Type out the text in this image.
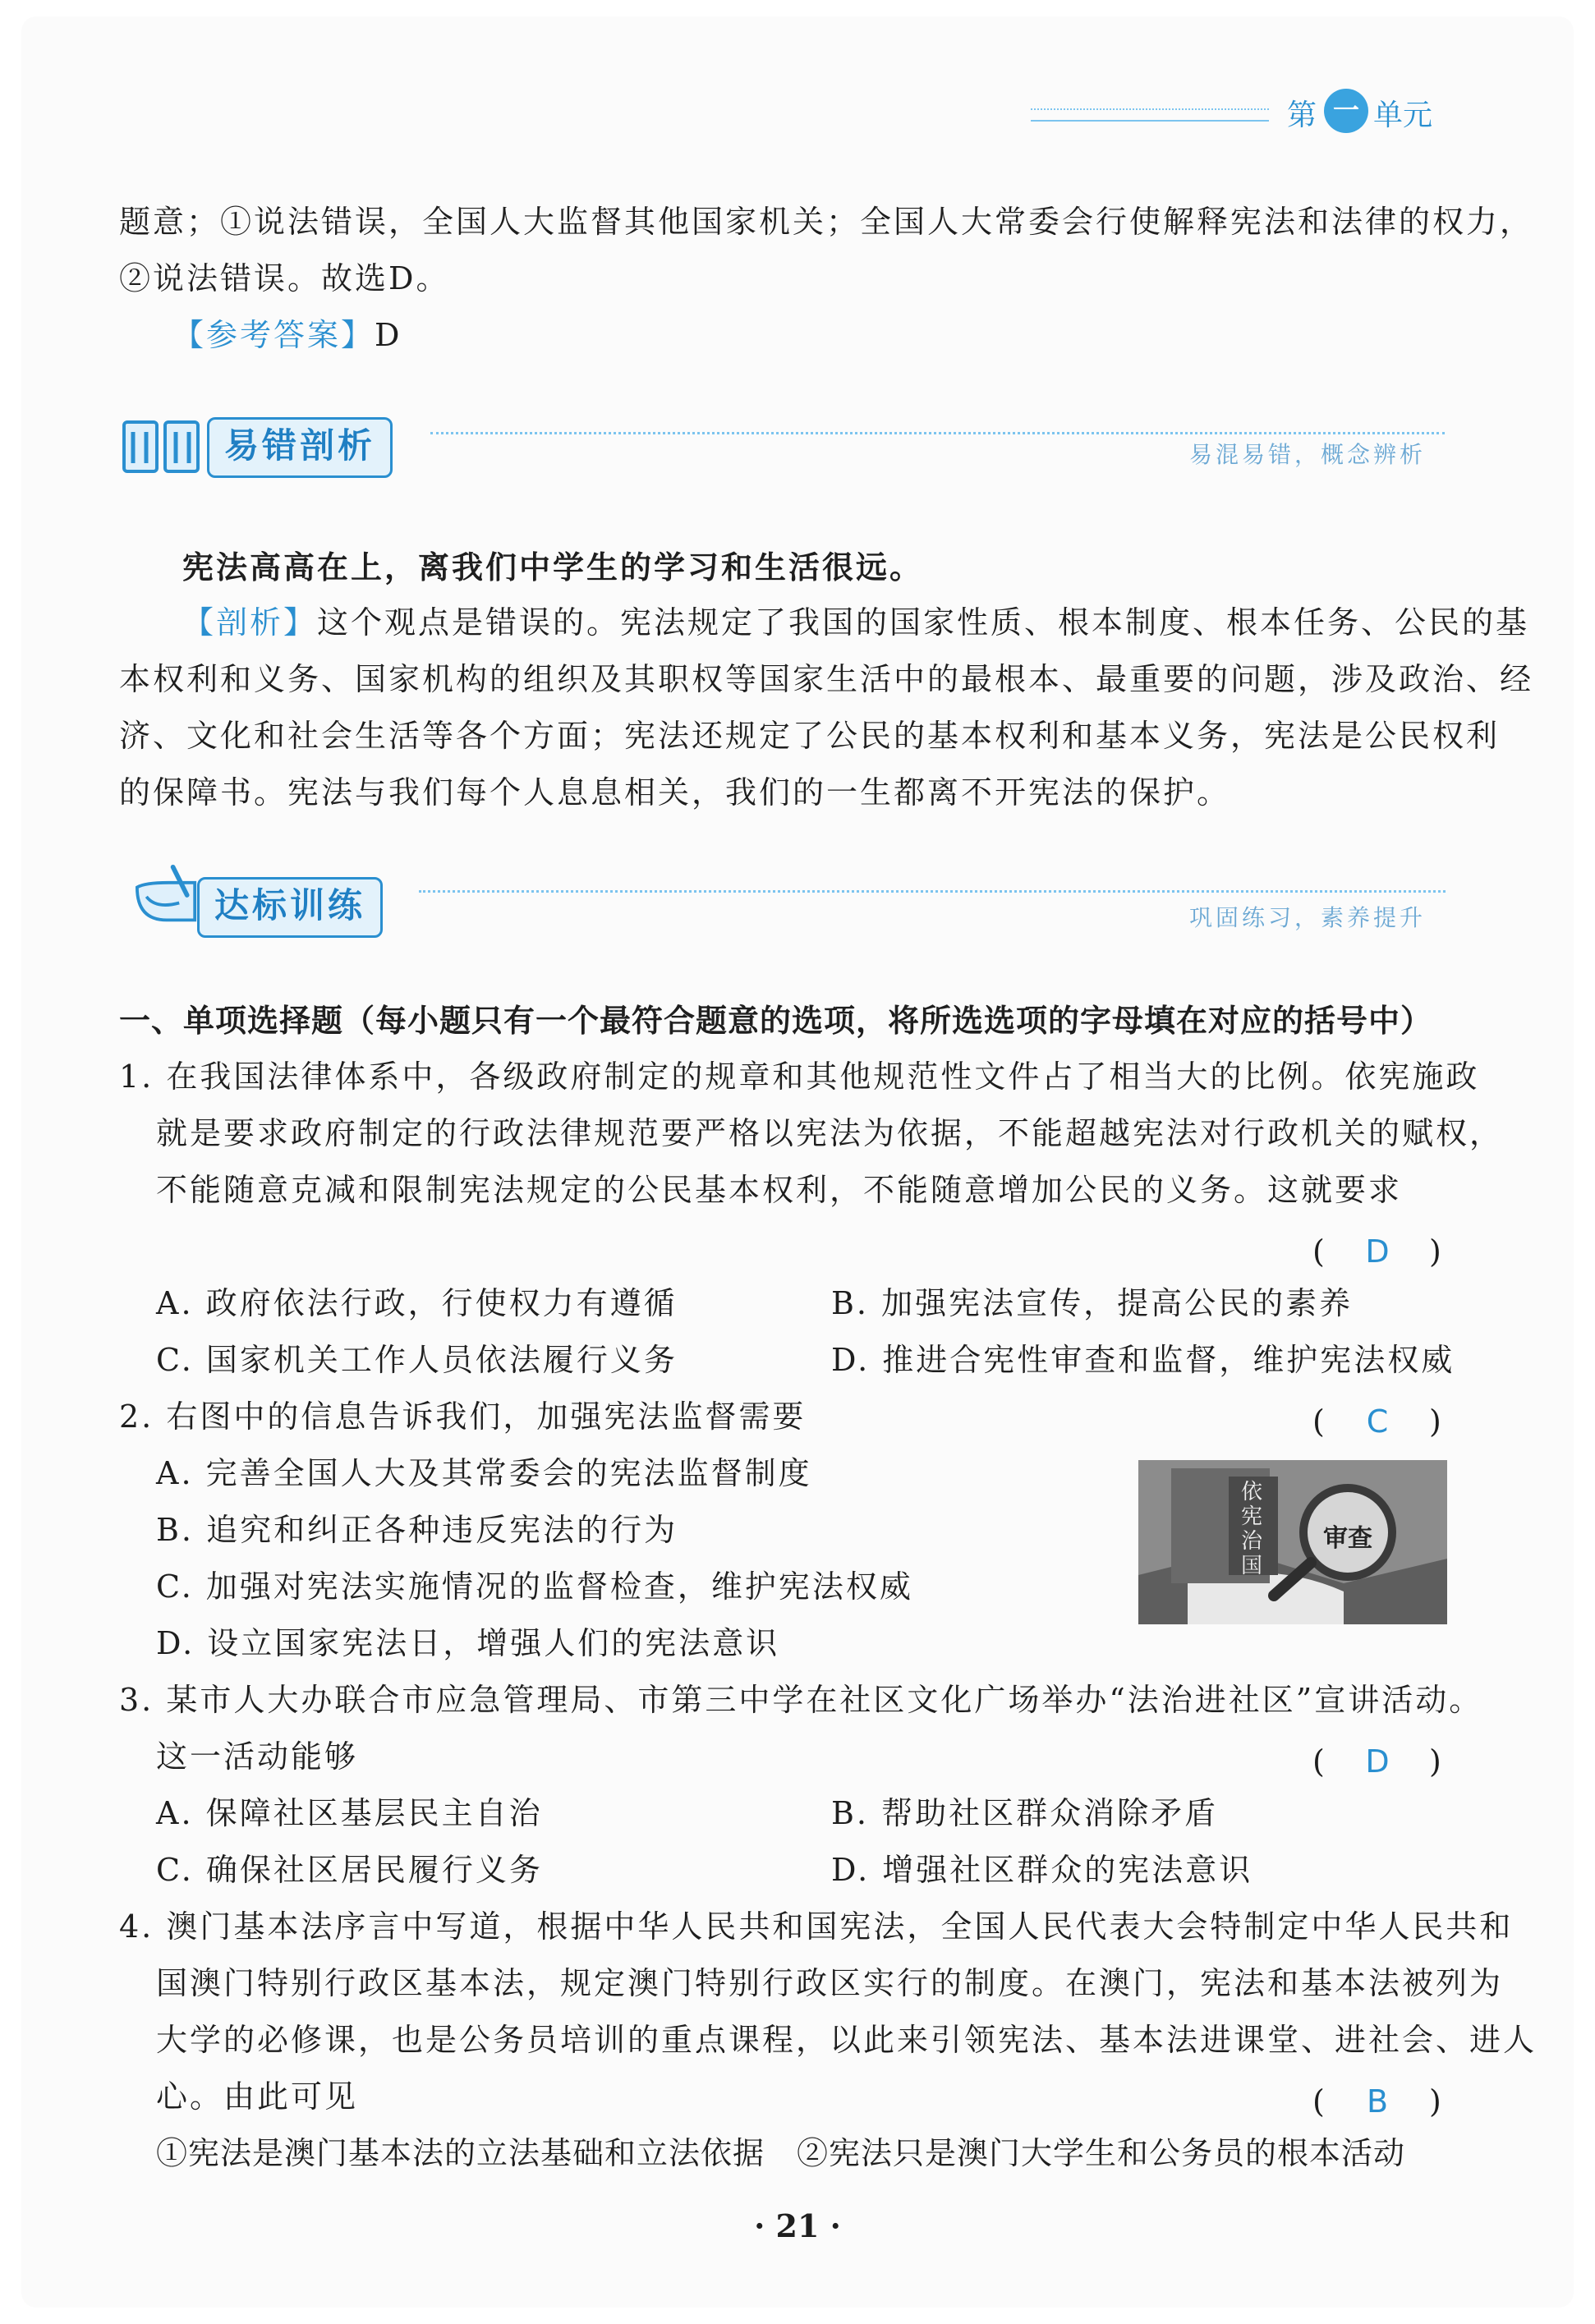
第 一 单元
题意；①说法错误，全国人大监督其他国家机关；全国人大常委会行使解释宪法和法律的权力，
②说法错误。故选D。
【参考答案】D
易错剖析	易混易错，概念辨析
宪法高高在上，离我们中学生的学习和生活很远。
【剖析】这个观点是错误的。宪法规定了我国的国家性质、根本制度、根本任务、公民的基
本权利和义务、国家机构的组织及其职权等国家生活中的最根本、最重要的问题，涉及政治、经
济、文化和社会生活等各个方面；宪法还规定了公民的基本权利和基本义务，宪法是公民权利
的保障书。宪法与我们每个人息息相关，我们的一生都离不开宪法的保护。
达标训练	巩固练习，素养提升
一、单项选择题（每小题只有一个最符合题意的选项，将所选选项的字母填在对应的括号中）
1. 在我国法律体系中，各级政府制定的规章和其他规范性文件占了相当大的比例。依宪施政
就是要求政府制定的行政法律规范要严格以宪法为依据，不能超越宪法对行政机关的赋权，
不能随意克减和限制宪法规定的公民基本权利，不能随意增加公民的义务。这就要求
(	D	)
A. 政府依法行政，行使权力有遵循	B. 加强宪法宣传，提高公民的素养
C. 国家机关工作人员依法履行义务	D. 推进合宪性审查和监督，维护宪法权威
2. 右图中的信息告诉我们，加强宪法监督需要	(	C	)
A. 完善全国人大及其常委会的宪法监督制度
B. 追究和纠正各种违反宪法的行为
C. 加强对宪法实施情况的监督检查，维护宪法权威
D. 设立国家宪法日，增强人们的宪法意识
依宪治国
审查
3. 某市人大办联合市应急管理局、市第三中学在社区文化广场举办“法治进社区”宣讲活动。
这一活动能够	(	D	)
A. 保障社区基层民主自治	B. 帮助社区群众消除矛盾
C. 确保社区居民履行义务	D. 增强社区群众的宪法意识
4. 澳门基本法序言中写道，根据中华人民共和国宪法，全国人民代表大会特制定中华人民共和
国澳门特别行政区基本法，规定澳门特别行政区实行的制度。在澳门，宪法和基本法被列为
大学的必修课，也是公务员培训的重点课程，以此来引领宪法、基本法进课堂、进社会、进人
心。由此可见	(	B	)
①宪法是澳门基本法的立法基础和立法依据　②宪法只是澳门大学生和公务员的根本活动
· 21 ·
